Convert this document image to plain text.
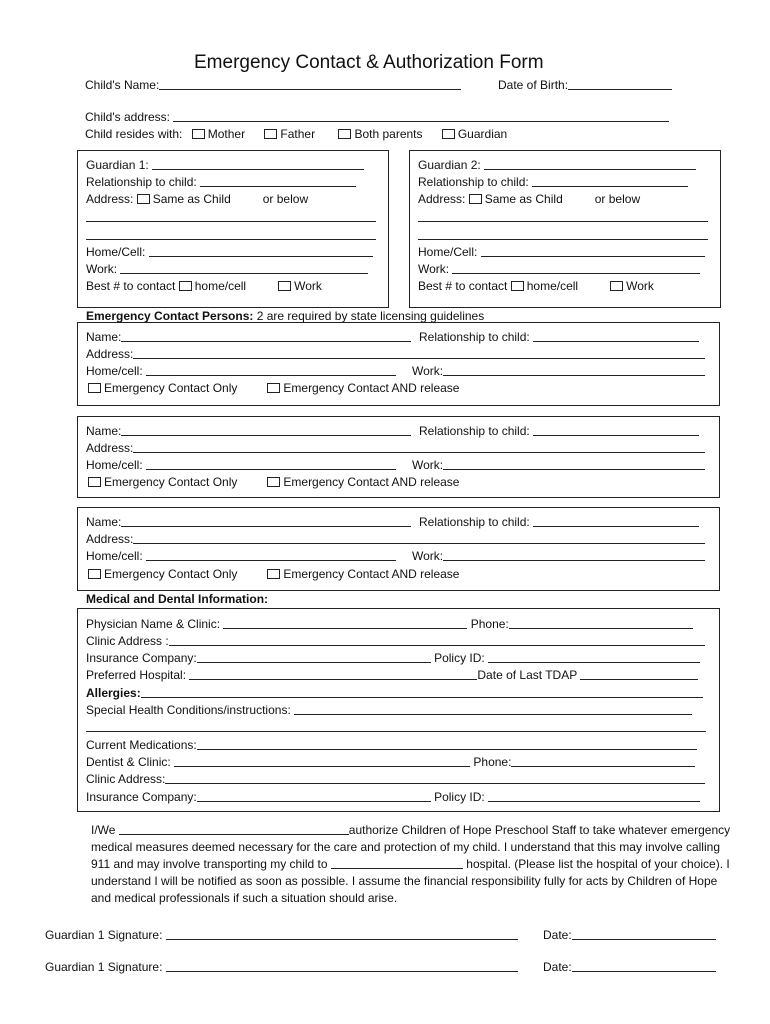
Emergency Contact & Authorization Form
Child's Name:	Date of Birth:
Child's address:
Child resides with: Mother	Father	Both parents	Guardian
Guardian 1:
Relationship to child:
Address: Same as Child	or below
Home/Cell:
Work:
Best # to contact home/cell	Work
Guardian 2:
Relationship to child:
Address: Same as Child	or below
Home/Cell:
Work:
Best # to contact home/cell	Work
Emergency Contact Persons: 2 are required by state licensing guidelines
Name:	Relationship to child:
Address:
Home/cell:	Work:
Emergency Contact Only	Emergency Contact AND release
Name:	Relationship to child:
Address:
Home/cell:	Work:
Emergency Contact Only	Emergency Contact AND release
Name:	Relationship to child:
Address:
Home/cell:	Work:
Emergency Contact Only	Emergency Contact AND release
Medical and Dental Information:
Physician Name & Clinic:	Phone:
Clinic Address :
Insurance Company:	Policy ID:
Preferred Hospital:	Date of Last TDAP
Allergies:
Special Health Conditions/instructions:
Current Medications:
Dentist & Clinic:	Phone:
Clinic Address:
Insurance Company:	Policy ID:
I/We	authorize Children of Hope Preschool Staff to take whatever emergency medical measures deemed necessary for the care and protection of my child. I understand that this may involve calling 911 and may involve transporting my child to	hospital. (Please list the hospital of your choice). I understand I will be notified as soon as possible. I assume the financial responsibility fully for acts by Children of Hope and medical professionals if such a situation should arise.
Guardian 1 Signature:	Date:
Guardian 1 Signature:	Date:
